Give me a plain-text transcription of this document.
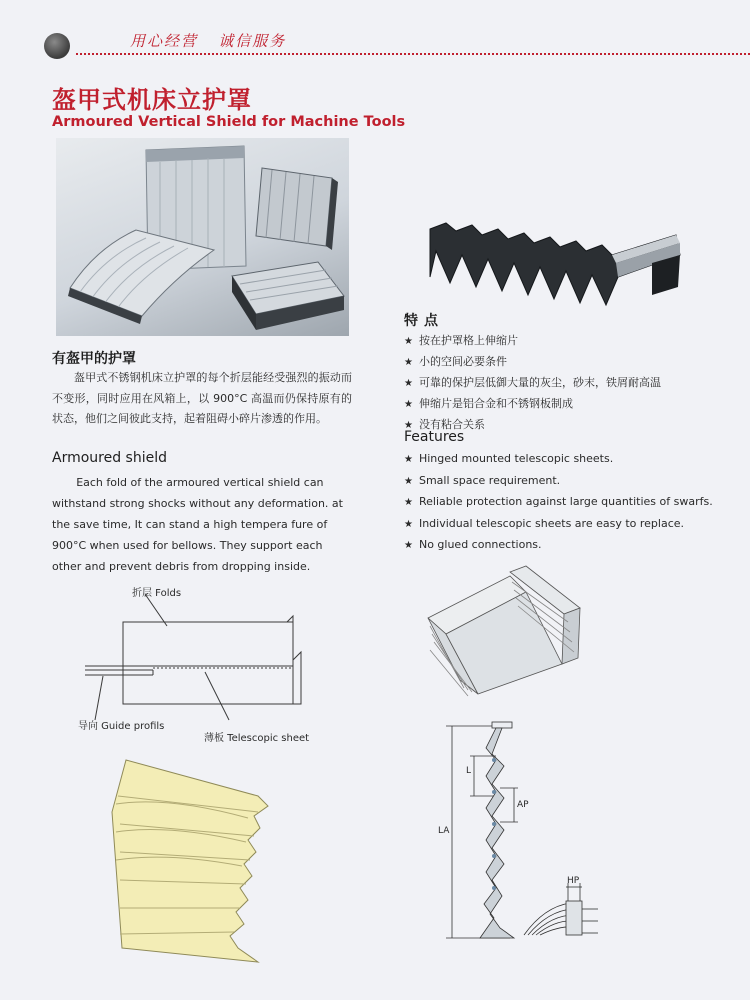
用心经营   诚信服务
盔甲式机床立护罩
Armoured Vertical Shield for Machine Tools
有盔甲的护罩
盔甲式不锈钢机床立护罩的每个折层能经受强烈的振动而不变形，同时应用在风箱上，以 900°C 高温而仍保持原有的状态，他们之间彼此支持，起着阻碍小碎片渗透的作用。
Armoured shield
Each fold of the armoured vertical shield can withstand strong shocks without any deformation. at the save time, It can stand a high tempera fure of 900°C when used for bellows. They support each other and prevent debris from dropping inside.
特点
★ 按在护罩格上伸缩片
★ 小的空间必要条件
★ 可靠的保护层低御大量的灰尘，砂末，铁屑耐高温
★ 伸缩片是铝合金和不锈钢板制成
★ 没有粘合关系
Features
★ Hinged mounted telescopic sheets.
★ Small space requirement.
★ Reliable protection against large quantities of swarfs.
★ Individual telescopic sheets are easy to replace.
★ No glued connections.
折层 Folds
导向 Guide profils
薄板 Telescopic sheet
L
AP
LA
HP
